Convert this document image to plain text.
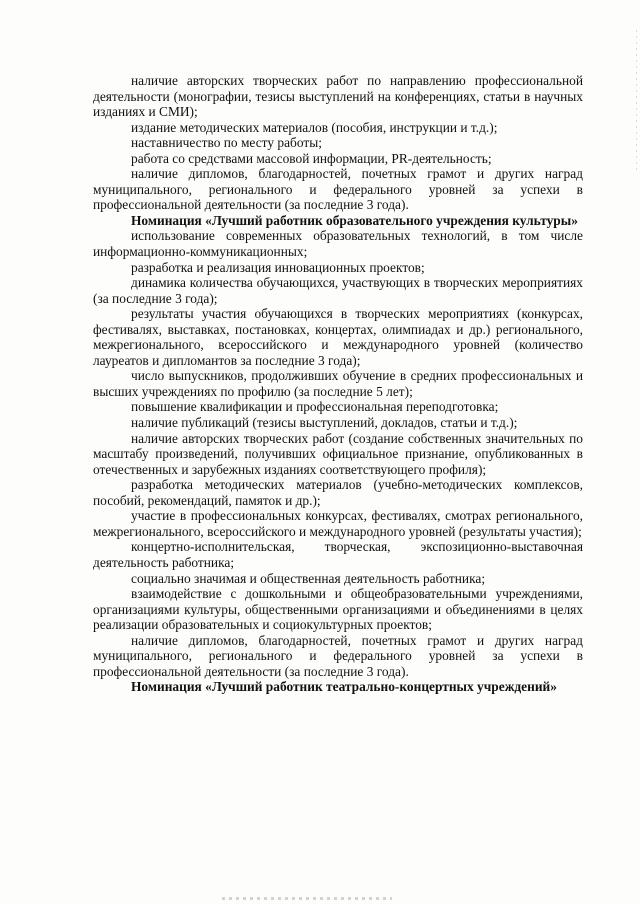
наличие авторских творческих работ по направлению профессиональной деятельности (монографии, тезисы выступлений на конференциях, статьи в научных изданиях и СМИ);

издание методических материалов (пособия, инструкции и т.д.);

наставничество по месту работы;

работа со средствами массовой информации, PR-деятельность;

наличие дипломов, благодарностей, почетных грамот и других наград муниципального, регионального и федерального уровней за успехи в профессиональной деятельности (за последние 3 года).

Номинация «Лучший работник образовательного учреждения культуры»

использование современных образовательных технологий, в том числе информационно-коммуникационных;

разработка и реализация инновационных проектов;

динамика количества обучающихся, участвующих в творческих мероприятиях (за последние 3 года);

результаты участия обучающихся в творческих мероприятиях (конкурсах, фестивалях, выставках, постановках, концертах, олимпиадах и др.) регионального, межрегионального, всероссийского и международного уровней (количество лауреатов и дипломантов за последние 3 года);

число выпускников, продолживших обучение в средних профессиональных и высших учреждениях по профилю (за последние 5 лет);

повышение квалификации и профессиональная переподготовка;

наличие публикаций (тезисы выступлений, докладов, статьи и т.д.);

наличие авторских творческих работ (создание собственных значительных по масштабу произведений, получивших официальное признание, опубликованных в отечественных и зарубежных изданиях соответствующего профиля);

разработка методических материалов (учебно-методических комплексов, пособий, рекомендаций, памяток и др.);

участие в профессиональных конкурсах, фестивалях, смотрах регионального, межрегионального, всероссийского и международного уровней (результаты участия);

концертно-исполнительская, творческая, экспозиционно-выставочная деятельность работника;

социально значимая и общественная деятельность работника;

взаимодействие с дошкольными и общеобразовательными учреждениями, организациями культуры, общественными организациями и объединениями в целях реализации образовательных и социокультурных проектов;

наличие дипломов, благодарностей, почетных грамот и других наград муниципального, регионального и федерального уровней за успехи в профессиональной деятельности (за последние 3 года).

Номинация «Лучший работник театрально-концертных учреждений»
